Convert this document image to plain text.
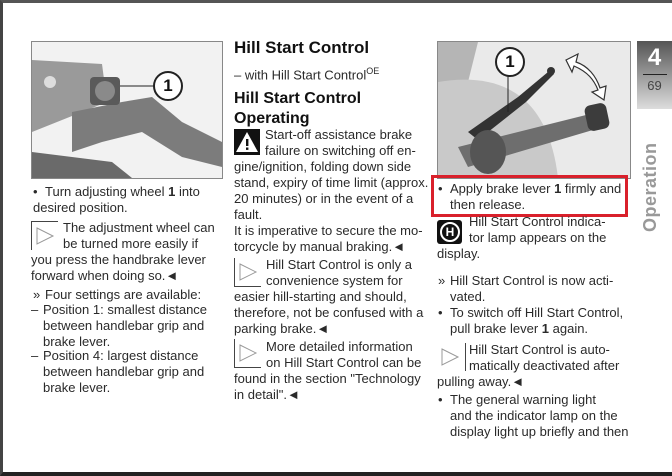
1
• Turn adjusting wheel 1 into desired position.
The adjustment wheel can
be turned more easily if
you press the handbrake lever
forward when doing so.◄
» Four settings are available:
– Position 1: smallest distance
between handlebar grip and
brake lever.
– Position 4: largest distance
between handlebar grip and
brake lever.
Hill Start Control
– with Hill Start Control$^{OE}$
Hill Start Control
Operating
Start-off assistance brake
failure on switching off en-
gine/ignition, folding down side
stand, expiry of time limit (approx.
20 minutes) or in the event of a
fault.
It is imperative to secure the mo-
torcycle by manual braking.◄
Hill Start Control is only a
convenience system for
easier hill-starting and should,
therefore, not be confused with a
parking brake.◄
More detailed information
on Hill Start Control can be
found in the section "Technology
in detail".◄
1
• Apply brake lever 1 firmly and
then release.
H
Hill Start Control indica-
tor lamp appears on the
display.
» Hill Start Control is now acti-
vated.
• To switch off Hill Start Control,
pull brake lever 1 again.
Hill Start Control is auto-
matically deactivated after
pulling away.◄
• The general warning light
and the indicator lamp on the
display light up briefly and then
4
69
Operation
